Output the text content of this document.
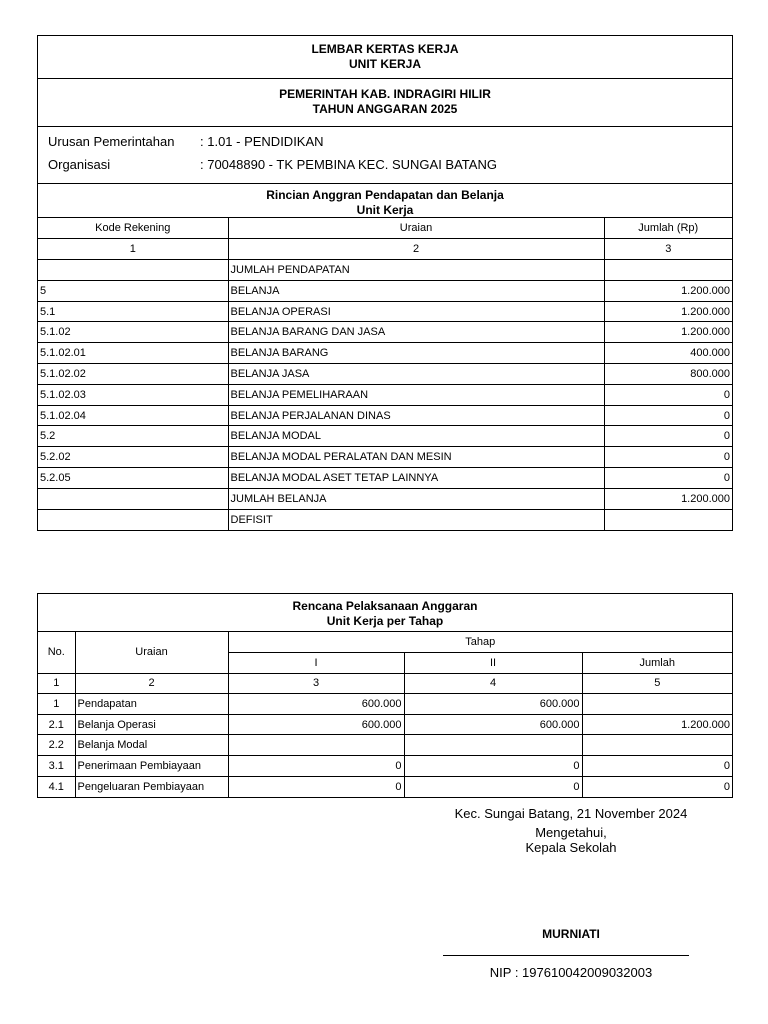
LEMBAR KERTAS KERJA
UNIT KERJA
PEMERINTAH KAB. INDRAGIRI HILIR
TAHUN ANGGARAN 2025
Urusan Pemerintahan : 1.01 - PENDIDIKAN
Organisasi	: 70048890 - TK PEMBINA KEC. SUNGAI BATANG
Rincian Anggran Pendapatan dan Belanja
Unit Kerja
Kode Rekening	Uraian	Jumlah (Rp)
1	2	3
	JUMLAH PENDAPATAN	
5	BELANJA	1.200.000
5.1	BELANJA OPERASI	1.200.000
5.1.02	BELANJA BARANG DAN JASA	1.200.000
5.1.02.01	BELANJA BARANG	400.000
5.1.02.02	BELANJA JASA	800.000
5.1.02.03	BELANJA PEMELIHARAAN	0
5.1.02.04	BELANJA PERJALANAN DINAS	0
5.2	BELANJA MODAL	0
5.2.02	BELANJA MODAL PERALATAN DAN MESIN	0
5.2.05	BELANJA MODAL ASET TETAP LAINNYA	0
	JUMLAH BELANJA	1.200.000
	DEFISIT	
Rencana Pelaksanaan Anggaran
Unit Kerja per Tahap
No.	Uraian	Tahap		
		I	II	Jumlah
1	2	3	4	5
1	Pendapatan	600.000	600.000	
2.1	Belanja Operasi	600.000	600.000	1.200.000
2.2	Belanja Modal			
3.1	Penerimaan Pembiayaan	0	0	0
4.1	Pengeluaran Pembiayaan	0	0	0
Kec. Sungai Batang, 21 November 2024
Mengetahui,
Kepala Sekolah
MURNIATI
NIP : 197610042009032003
